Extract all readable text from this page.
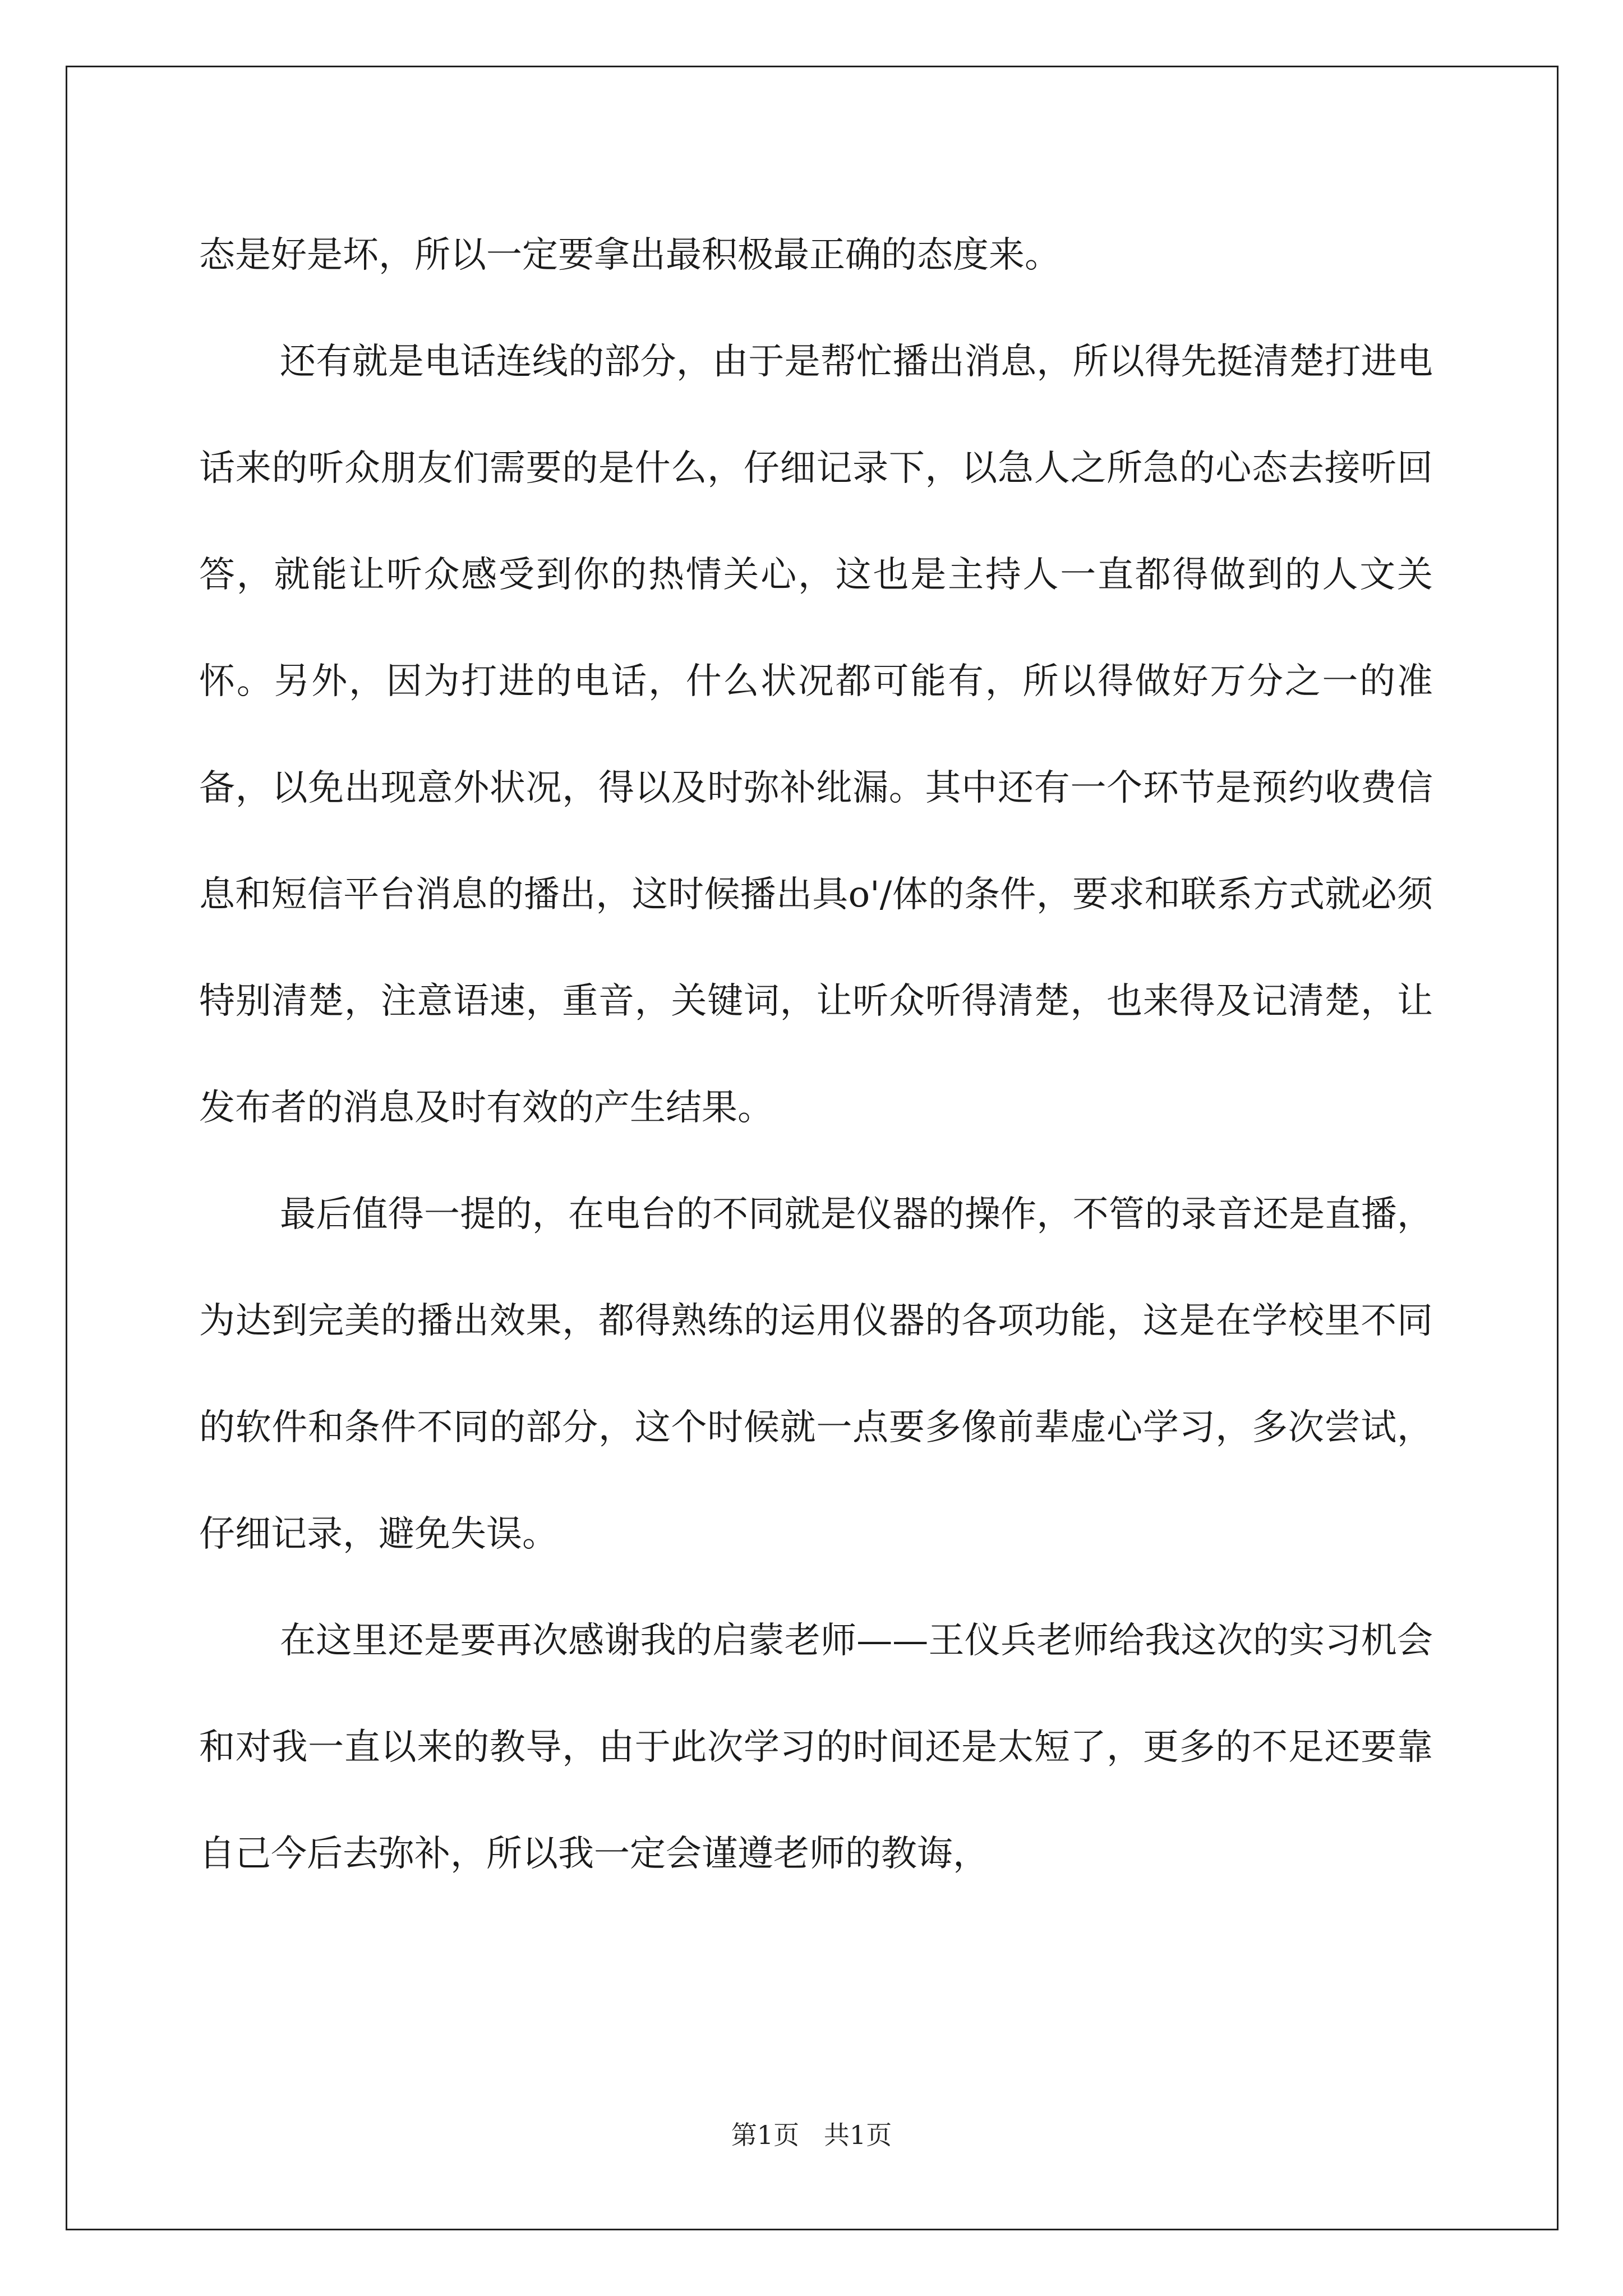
态是好是坏，所以一定要拿出最积极最正确的态度来。

还有就是电话连线的部分，由于是帮忙播出消息，所以得先挺清楚打进电话来的听众朋友们需要的是什么，仔细记录下，以急人之所急的心态去接听回答，就能让听众感受到你的热情关心，这也是主持人一直都得做到的人文关怀。另外，因为打进的电话，什么状况都可能有，所以得做好万分之一的准备，以免出现意外状况，得以及时弥补纰漏。其中还有一个环节是预约收费信息和短信平台消息的播出，这时候播出具o'/体的条件，要求和联系方式就必须特别清楚，注意语速，重音，关键词，让听众听得清楚，也来得及记清楚，让发布者的消息及时有效的产生结果。

最后值得一提的，在电台的不同就是仪器的操作，不管的录音还是直播，为达到完美的播出效果，都得熟练的运用仪器的各项功能，这是在学校里不同的软件和条件不同的部分，这个时候就一点要多像前辈虚心学习，多次尝试，仔细记录，避免失误。

在这里还是要再次感谢我的启蒙老师——王仪兵老师给我这次的实习机会和对我一直以来的教导，由于此次学习的时间还是太短了，更多的不足还要靠自己今后去弥补，所以我一定会谨遵老师的教诲，

第1页   共1页
